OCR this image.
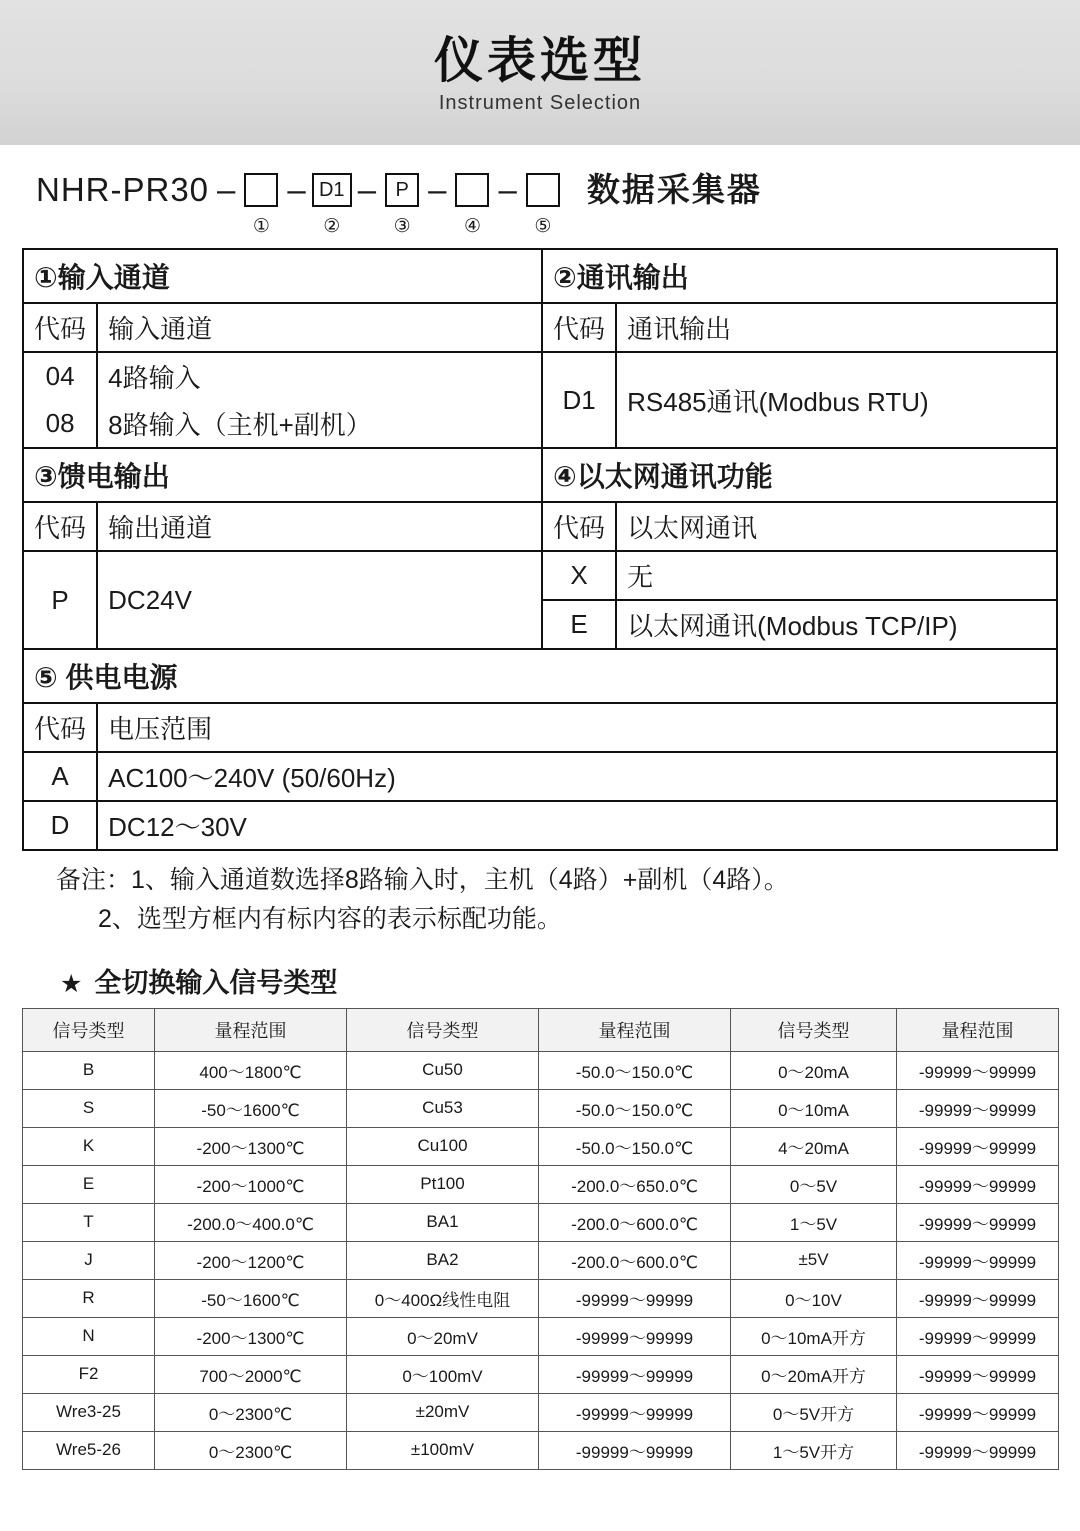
仪表选型
Instrument Selection
NHR-PR30 –
①
– D1
②
– P
③
–
④
–
⑤
数据采集器
①输入通道		②通讯输出	
代码	输入通道	代码	通讯输出
04	4路输入	D1	RS485通讯(Modbus RTU)
08	8路输入（主机+副机）		
③馈电输出		④以太网通讯功能	
代码	输出通道	代码	以太网通讯
P	DC24V	X	无
		E	以太网通讯(Modbus TCP/IP)
⑤ 供电电源			
代码	电压范围		
A	AC100～240V (50/60Hz)		
D	DC12～30V		
备注：1、输入通道数选择8路输入时，主机（4路）+副机（4路）。
2、选型方框内有标内容的表示标配功能。
★ 全切换输入信号类型
信号类型	量程范围	信号类型	量程范围	信号类型	量程范围
B	400～1800℃	Cu50	-50.0～150.0℃	0～20mA	-99999～99999
S	-50～1600℃	Cu53	-50.0～150.0℃	0～10mA	-99999～99999
K	-200～1300℃	Cu100	-50.0～150.0℃	4～20mA	-99999～99999
E	-200～1000℃	Pt100	-200.0～650.0℃	0～5V	-99999～99999
T	-200.0～400.0℃	BA1	-200.0～600.0℃	1～5V	-99999～99999
J	-200～1200℃	BA2	-200.0～600.0℃	±5V	-99999～99999
R	-50～1600℃	0～400Ω线性电阻	-99999～99999	0～10V	-99999～99999
N	-200～1300℃	0～20mV	-99999～99999	0～10mA开方	-99999～99999
F2	700～2000℃	0～100mV	-99999～99999	0～20mA开方	-99999～99999
Wre3-25	0～2300℃	±20mV	-99999～99999	0～5V开方	-99999～99999
Wre5-26	0～2300℃	±100mV	-99999～99999	1～5V开方	-99999～99999
